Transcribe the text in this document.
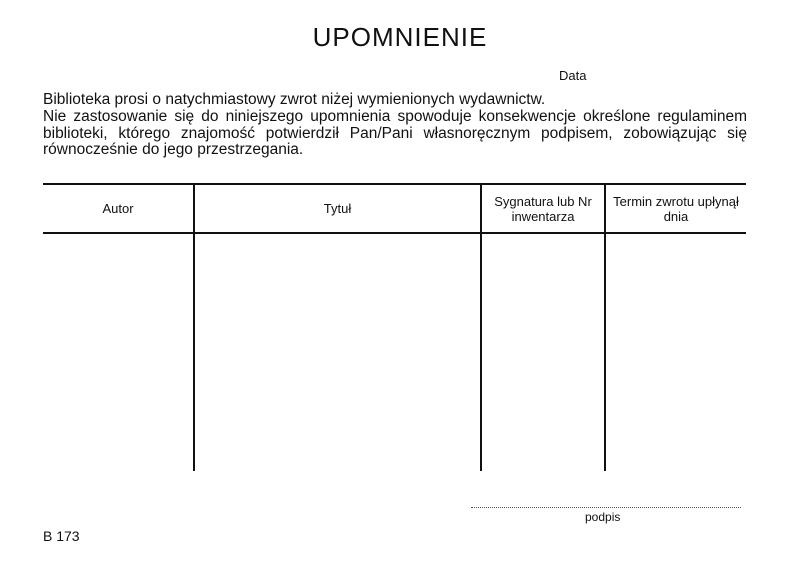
UPOMNIENIE
Data

Biblioteka prosi o natychmiastowy zwrot niżej wymienionych wydawnictw.

Nie zastosowanie się do niniejszego upomnienia spowoduje konsekwencje określone regulaminem biblioteki, którego znajomość potwierdził Pan/Pani własnoręcznym podpisem, zobowiązując się równocześnie do jego przestrzegania.

Autor	Tytuł	Sygnatura lub Nr inwentarza
Termin zwrotu upłynął dnia
podpis
B 173
